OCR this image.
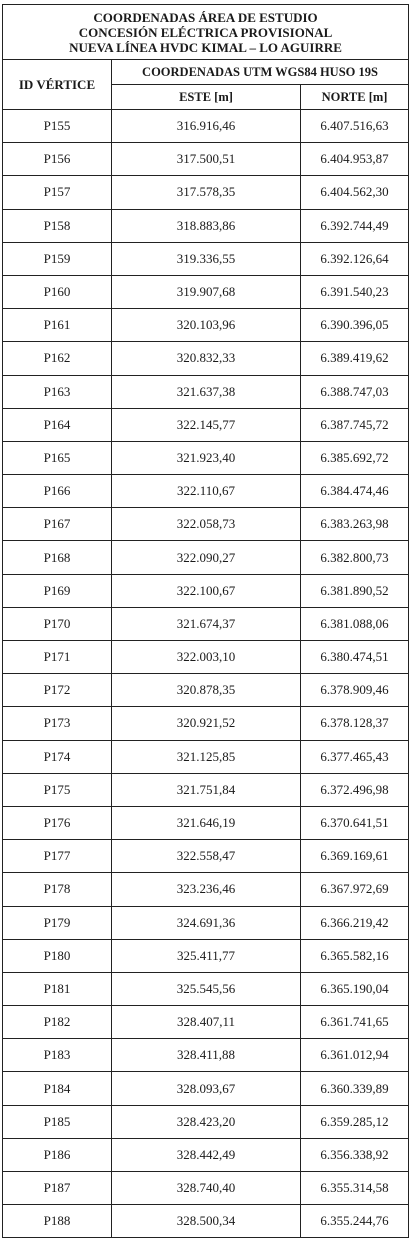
COORDENADAS ÁREA DE ESTUDIO
CONCESIÓN ELÉCTRICA PROVISIONAL
NUEVA LÍNEA HVDC KIMAL – LO AGUIRRE		

ID VÉRTICE	COORDENADAS UTM WGS84 HUSO 19S	
	ESTE [m]	NORTE [m]
P155	316.916,46	6.407.516,63
P156	317.500,51	6.404.953,87
P157	317.578,35	6.404.562,30
P158	318.883,86	6.392.744,49
P159	319.336,55	6.392.126,64
P160	319.907,68	6.391.540,23
P161	320.103,96	6.390.396,05
P162	320.832,33	6.389.419,62
P163	321.637,38	6.388.747,03
P164	322.145,77	6.387.745,72
P165	321.923,40	6.385.692,72
P166	322.110,67	6.384.474,46
P167	322.058,73	6.383.263,98
P168	322.090,27	6.382.800,73
P169	322.100,67	6.381.890,52
P170	321.674,37	6.381.088,06
P171	322.003,10	6.380.474,51
P172	320.878,35	6.378.909,46
P173	320.921,52	6.378.128,37
P174	321.125,85	6.377.465,43
P175	321.751,84	6.372.496,98
P176	321.646,19	6.370.641,51
P177	322.558,47	6.369.169,61
P178	323.236,46	6.367.972,69
P179	324.691,36	6.366.219,42
P180	325.411,77	6.365.582,16
P181	325.545,56	6.365.190,04
P182	328.407,11	6.361.741,65
P183	328.411,88	6.361.012,94
P184	328.093,67	6.360.339,89
P185	328.423,20	6.359.285,12
P186	328.442,49	6.356.338,92
P187	328.740,40	6.355.314,58
P188	328.500,34	6.355.244,76
